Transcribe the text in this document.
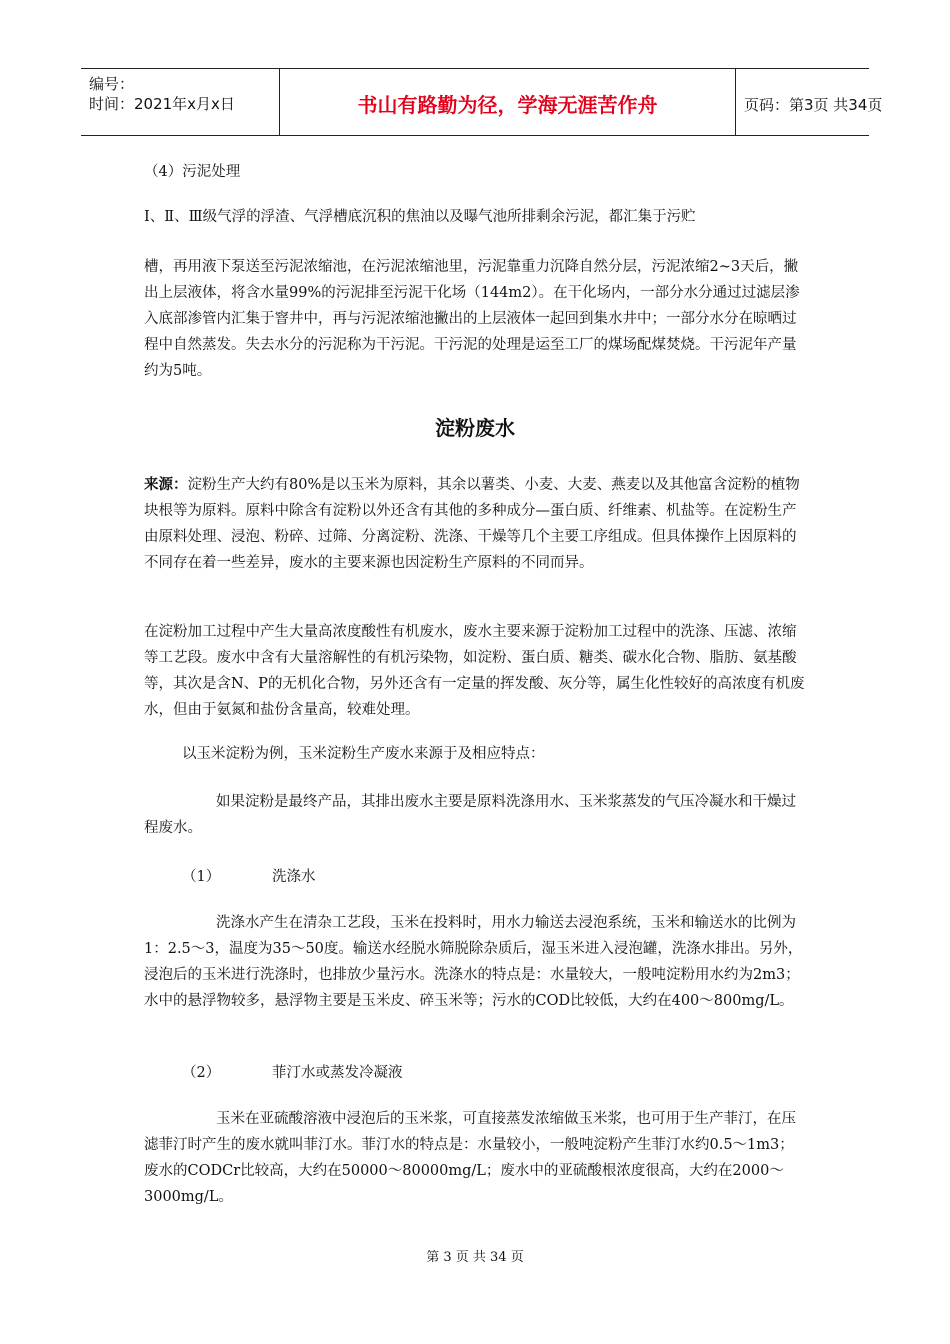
编号：
时间：2021年x月x日	书山有路勤为径，学海无涯苦作舟	页码：第3页 共34页
（4）污泥处理

Ⅰ、Ⅱ、Ⅲ级气浮的浮渣、气浮槽底沉积的焦油以及曝气池所排剩余污泥，都汇集于污贮

槽，再用液下泵送至污泥浓缩池，在污泥浓缩池里，污泥靠重力沉降自然分层，污泥浓缩2~3天后，撇出上层液体，将含水量99%的污泥排至污泥干化场（144m2）。在干化场内，一部分水分通过过滤层渗入底部渗管内汇集于窨井中，再与污泥浓缩池撇出的上层液体一起回到集水井中；一部分水分在晾晒过程中自然蒸发。失去水分的污泥称为干污泥。干污泥的处理是运至工厂的煤场配煤焚烧。干污泥年产量约为5吨。

淀粉废水

来源：淀粉生产大约有80%是以玉米为原料，其余以薯类、小麦、大麦、燕麦以及其他富含淀粉的植物块根等为原料。原料中除含有淀粉以外还含有其他的多种成分—蛋白质、纤维素、机盐等。在淀粉生产由原料处理、浸泡、粉碎、过筛、分离淀粉、洗涤、干燥等几个主要工序组成。但具体操作上因原料的不同存在着一些差异，废水的主要来源也因淀粉生产原料的不同而异。

在淀粉加工过程中产生大量高浓度酸性有机废水，废水主要来源于淀粉加工过程中的洗涤、压滤、浓缩等工艺段。废水中含有大量溶解性的有机污染物，如淀粉、蛋白质、糖类、碳水化合物、脂肪、氨基酸等，其次是含N、P的无机化合物，另外还含有一定量的挥发酸、灰分等，属生化性较好的高浓度有机废水，但由于氨氮和盐份含量高，较难处理。

以玉米淀粉为例，玉米淀粉生产废水来源于及相应特点：

如果淀粉是最终产品，其排出废水主要是原料洗涤用水、玉米浆蒸发的气压冷凝水和干燥过程废水。

（1）	洗涤水

洗涤水产生在清杂工艺段，玉米在投料时，用水力输送去浸泡系统，玉米和输送水的比例为1：2.5～3，温度为35～50度。输送水经脱水筛脱除杂质后，湿玉米进入浸泡罐，洗涤水排出。另外，浸泡后的玉米进行洗涤时，也排放少量污水。洗涤水的特点是：水量较大，一般吨淀粉用水约为2m3；水中的悬浮物较多，悬浮物主要是玉米皮、碎玉米等；污水的COD比较低，大约在400～800mg/L。

（2）	菲汀水或蒸发冷凝液

玉米在亚硫酸溶液中浸泡后的玉米浆，可直接蒸发浓缩做玉米浆，也可用于生产菲汀，在压滤菲汀时产生的废水就叫菲汀水。菲汀水的特点是：水量较小，一般吨淀粉产生菲汀水约0.5～1m3；废水的CODCr比较高，大约在50000～80000mg/L；废水中的亚硫酸根浓度很高，大约在2000～3000mg/L。

第 3 页 共 34 页
